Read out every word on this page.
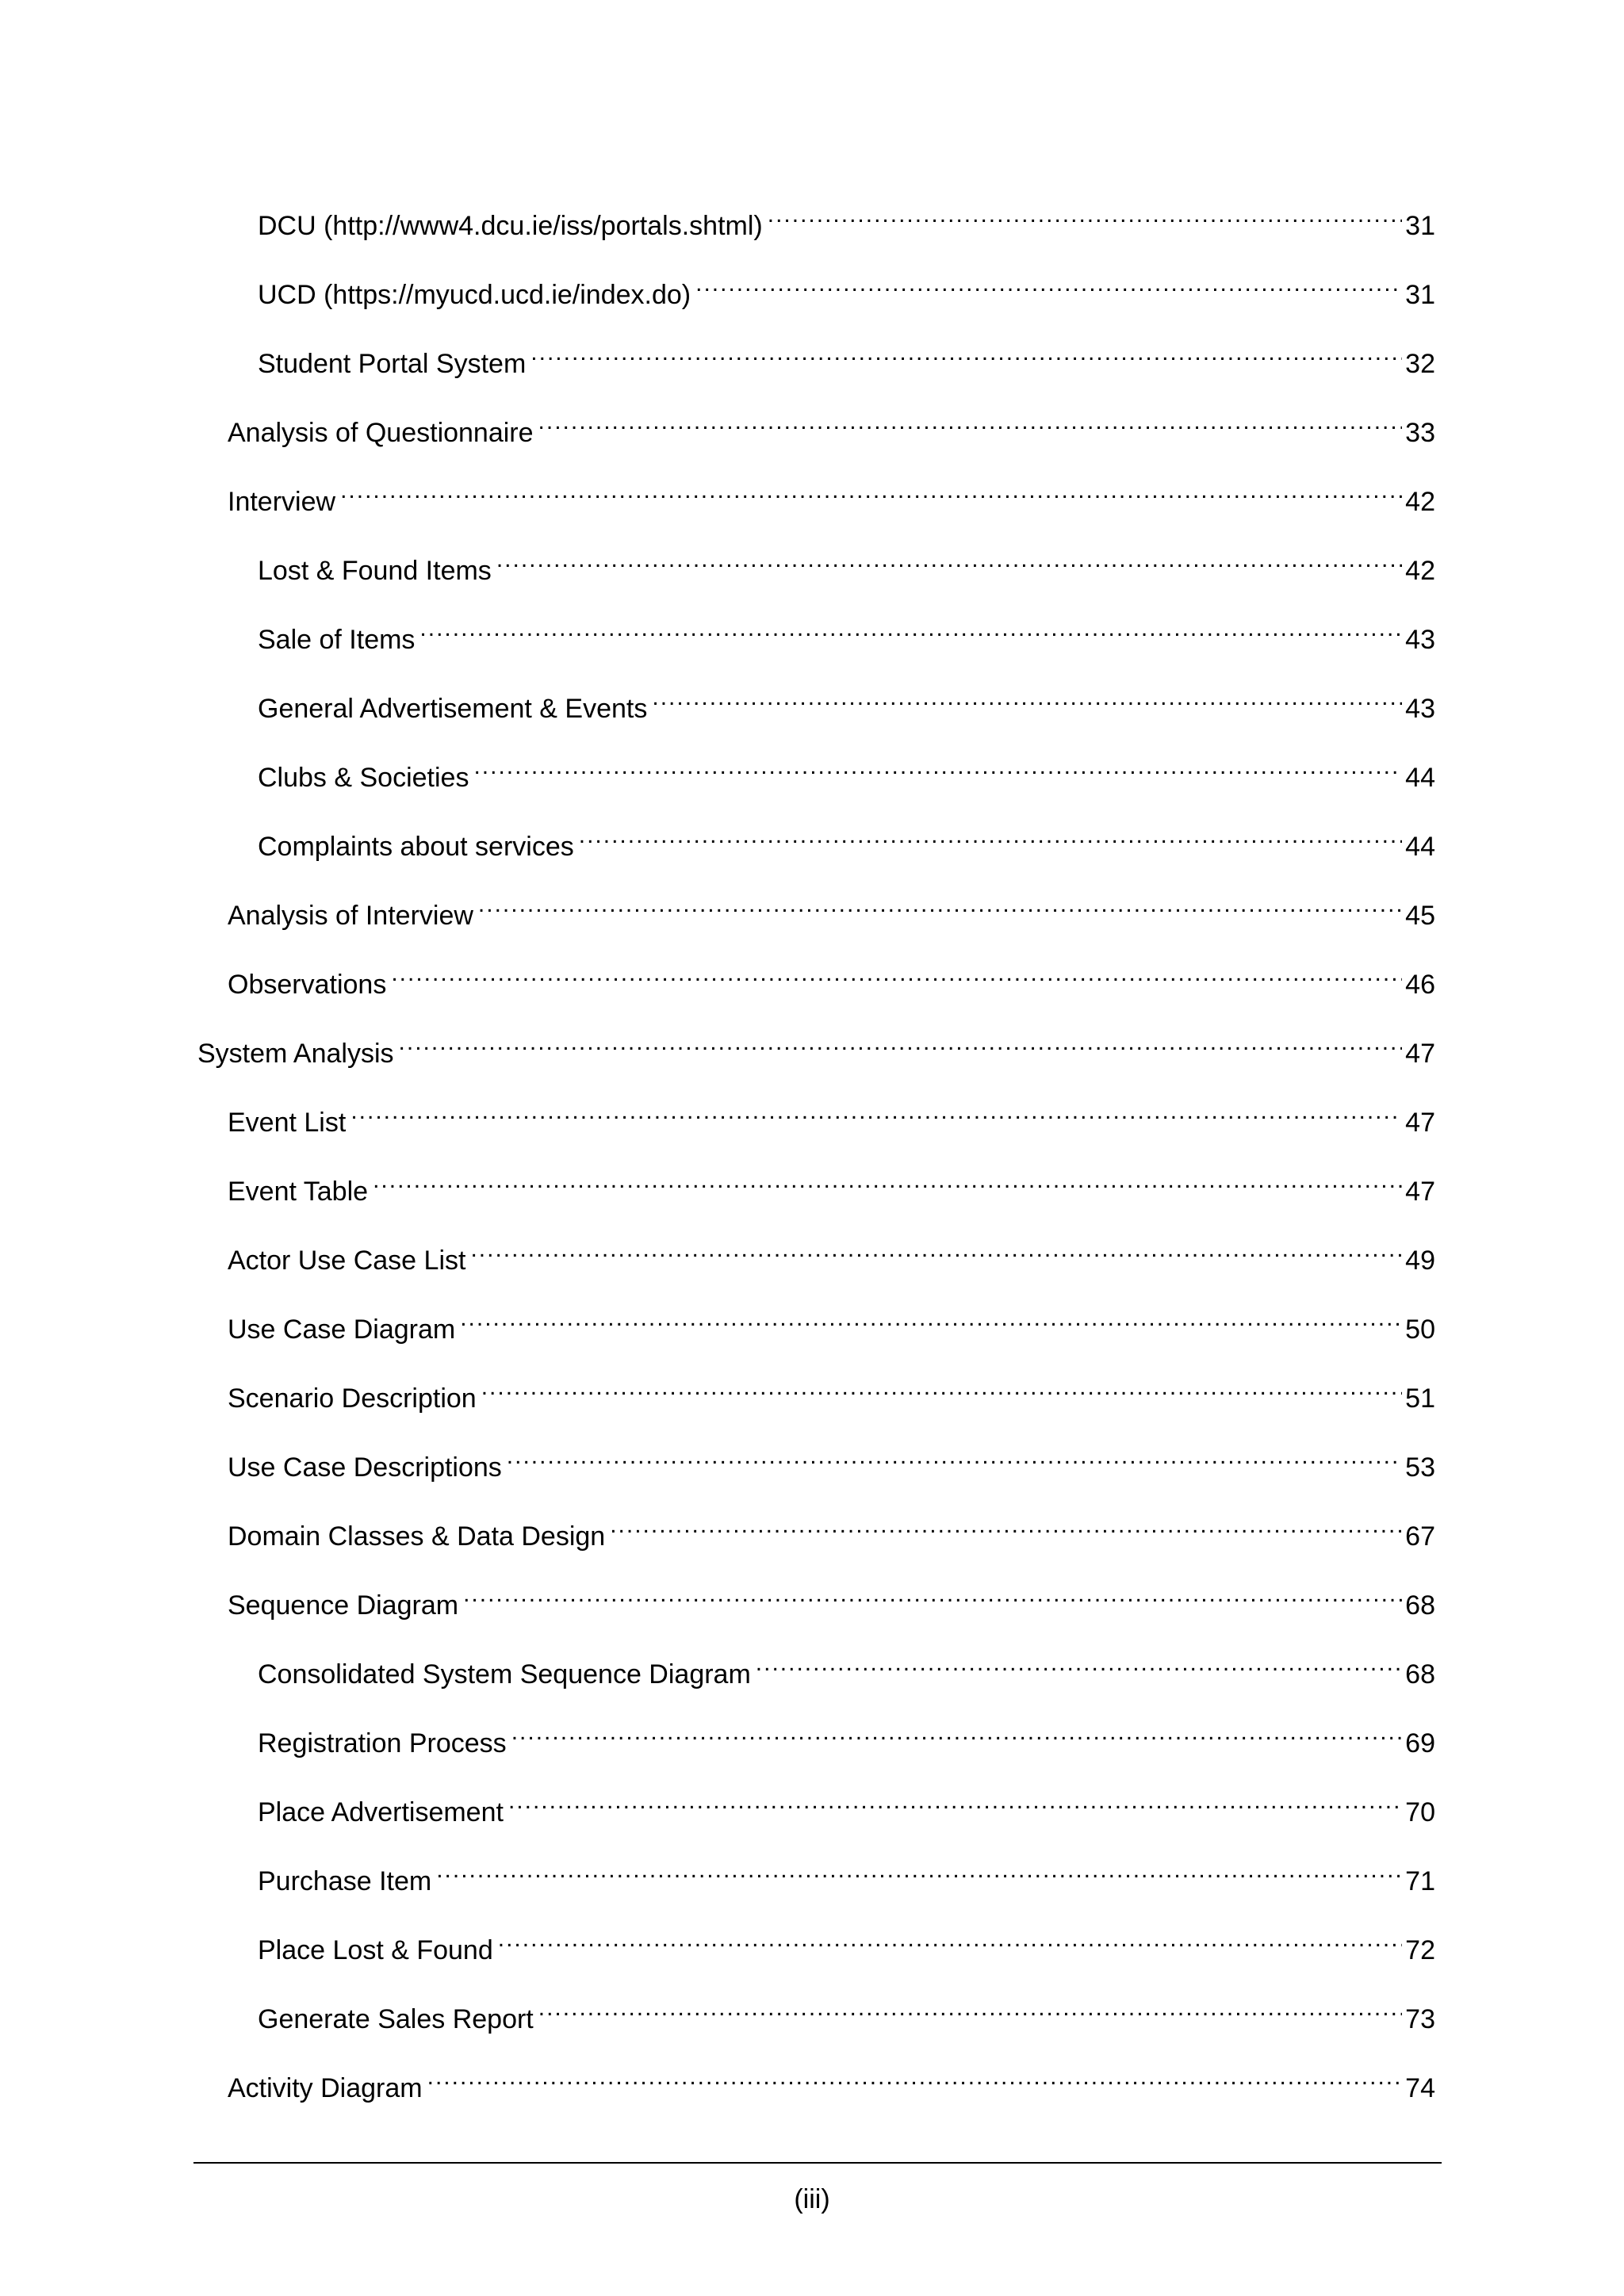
DCU (http://www4.dcu.ie/iss/portals.shtml) .....	31
UCD (https://myucd.ucd.ie/index.do) .....	31
Student Portal System .....	32
Analysis of Questionnaire .....	33
Interview .....	42
Lost & Found Items .....	42
Sale of Items .....	43
General Advertisement & Events .....	43
Clubs & Societies .....	44
Complaints about services .....	44
Analysis of Interview .....	45
Observations .....	46
System Analysis .....	47
Event List .....	47
Event Table .....	47
Actor Use Case List .....	49
Use Case Diagram .....	50
Scenario Description .....	51
Use Case Descriptions .....	53
Domain Classes & Data Design .....	67
Sequence Diagram .....	68
Consolidated System Sequence Diagram .....	68
Registration Process .....	69
Place Advertisement .....	70
Purchase Item .....	71
Place Lost & Found .....	72
Generate Sales Report .....	73
Activity Diagram .....	74
(iii)
